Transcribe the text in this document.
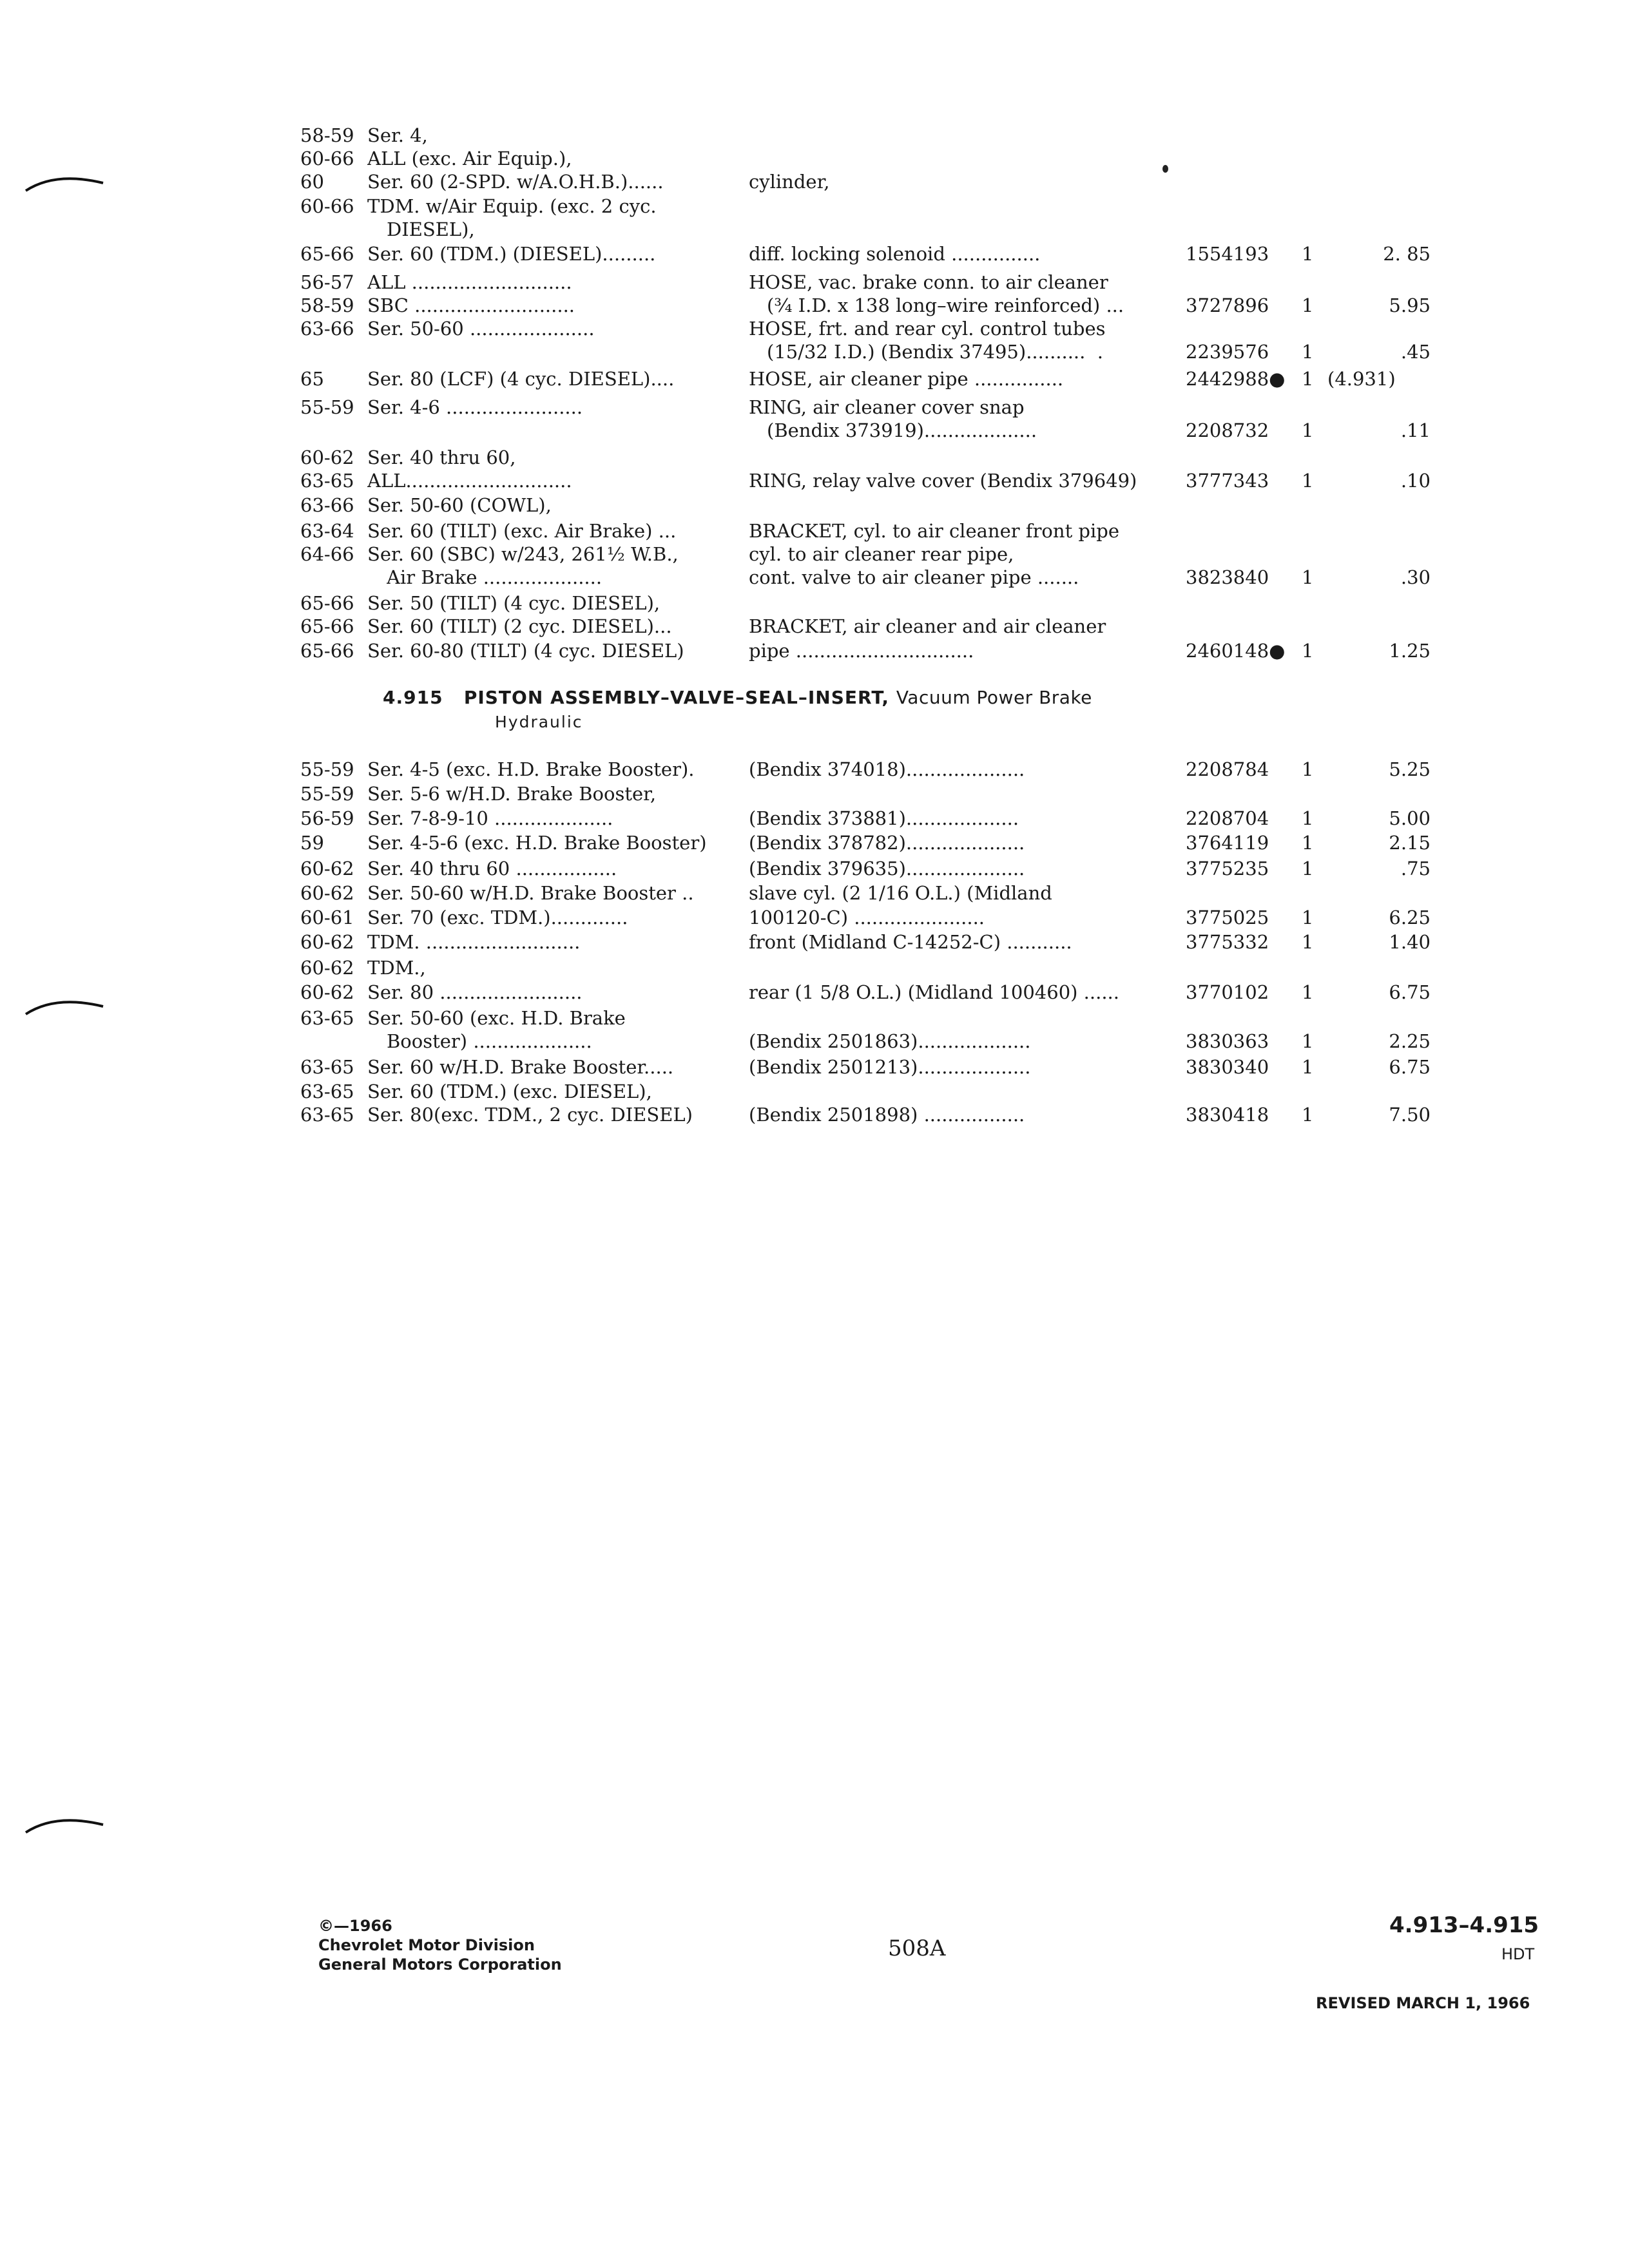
58-59 Ser. 4,
60-66 ALL (exc. Air Equip.),
60	Ser. 60 (2-SPD. w/A.O.H.B.)......	cylinder,
60-66 TDM. w/Air Equip. (exc. 2 cyc.
DIESEL),
65-66 Ser. 60 (TDM.) (DIESEL).........	diff. locking solenoid ...............	1554193	1	2. 85
56-57 ALL ...........................	HOSE, vac. brake conn. to air cleaner
58-59 SBC ...........................	(¾ I.D. x 138 long–wire reinforced) ...	3727896	1	5.95
63-66 Ser. 50-60 .....................	HOSE, frt. and rear cyl. control tubes
(15/32 I.D.) (Bendix 37495)..........  .	2239576	1	.45
65	Ser. 80 (LCF) (4 cyc. DIESEL)....	HOSE, air cleaner pipe ...............	2442988● 1 (4.931)
55-59 Ser. 4-6 .......................	RING, air cleaner cover snap
(Bendix 373919)...................	2208732	1	.11
60-62 Ser. 40 thru 60,
63-65 ALL............................	RING, relay valve cover (Bendix 379649)	3777343	1	.10
63-66 Ser. 50-60 (COWL),
63-64 Ser. 60 (TILT) (exc. Air Brake) ...	BRACKET, cyl. to air cleaner front pipe
64-66 Ser. 60 (SBC) w/243, 261½ W.B.,	cyl. to air cleaner rear pipe,
Air Brake ....................	cont. valve to air cleaner pipe .......	3823840	1	.30
65-66 Ser. 50 (TILT) (4 cyc. DIESEL),
65-66 Ser. 60 (TILT) (2 cyc. DIESEL)...	BRACKET, air cleaner and air cleaner
65-66 Ser. 60-80 (TILT) (4 cyc. DIESEL)	pipe ..............................	2460148● 1	1.25
4.915 PISTON ASSEMBLY–VALVE–SEAL–INSERT, Vacuum Power Brake
Hydraulic
55-59 Ser. 4-5 (exc. H.D. Brake Booster).	(Bendix 374018)....................	2208784	1	5.25
55-59 Ser. 5-6 w/H.D. Brake Booster,
56-59 Ser. 7-8-9-10 ....................	(Bendix 373881)...................	2208704	1	5.00
59	Ser. 4-5-6 (exc. H.D. Brake Booster)	(Bendix 378782)....................	3764119	1	2.15
60-62 Ser. 40 thru 60 .................	(Bendix 379635)....................	3775235	1	.75
60-62 Ser. 50-60 w/H.D. Brake Booster ..	slave cyl. (2 1/16 O.L.) (Midland
60-61 Ser. 70 (exc. TDM.).............	100120-C) ......................	3775025	1	6.25
60-62 TDM. ..........................	front (Midland C-14252-C) ...........	3775332	1	1.40
60-62 TDM.,
60-62 Ser. 80 ........................	rear (1 5/8 O.L.) (Midland 100460) ......	3770102	1	6.75
63-65 Ser. 50-60 (exc. H.D. Brake
Booster) ....................	(Bendix 2501863)...................	3830363	1	2.25
63-65 Ser. 60 w/H.D. Brake Booster.....	(Bendix 2501213)...................	3830340	1	6.75
63-65 Ser. 60 (TDM.) (exc. DIESEL),
63-65 Ser. 80(exc. TDM., 2 cyc. DIESEL)	(Bendix 2501898) .................	3830418	1	7.50
©—1966
Chevrolet Motor Division
General Motors Corporation
508A
4.913–4.915
HDT
REVISED MARCH 1, 1966
